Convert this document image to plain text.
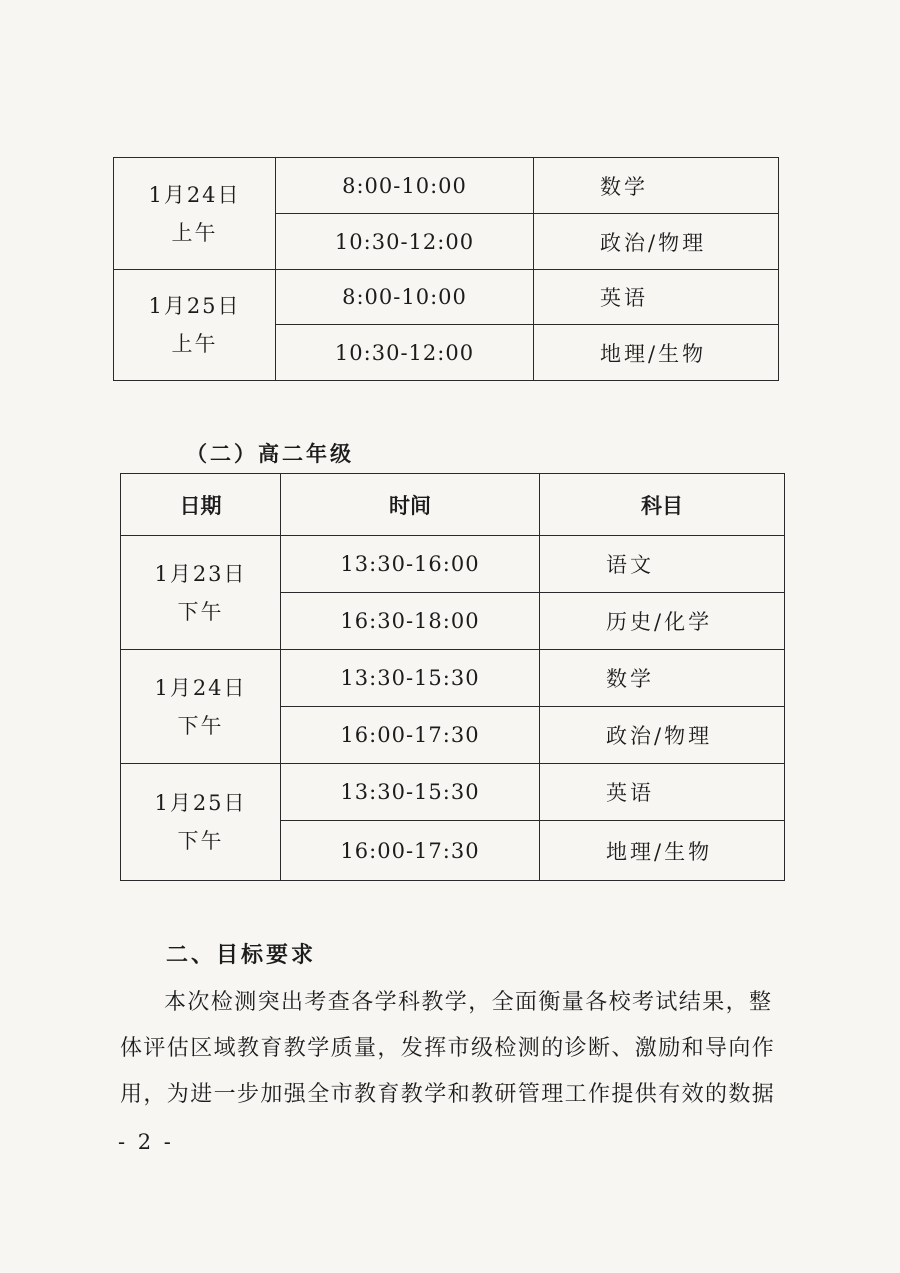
1月24日
上午	8:00-10:00	数学
	10:30-12:00	政治/物理

1月25日
上午	8:00-10:00	英语
	10:30-12:00	地理/生物
（二）高二年级
日期	时间	科目

1月23日
下午	13:30-16:00	语文
	16:30-18:00	历史/化学

1月24日
下午	13:30-15:30	数学
	16:00-17:30	政治/物理

1月25日
下午	13:30-15:30	英语
	16:00-17:30	地理/生物
二、目标要求
本次检测突出考查各学科教学，全面衡量各校考试结果，整
体评估区域教育教学质量，发挥市级检测的诊断、激励和导向作
用，为进一步加强全市教育教学和教研管理工作提供有效的数据
- 2 -
